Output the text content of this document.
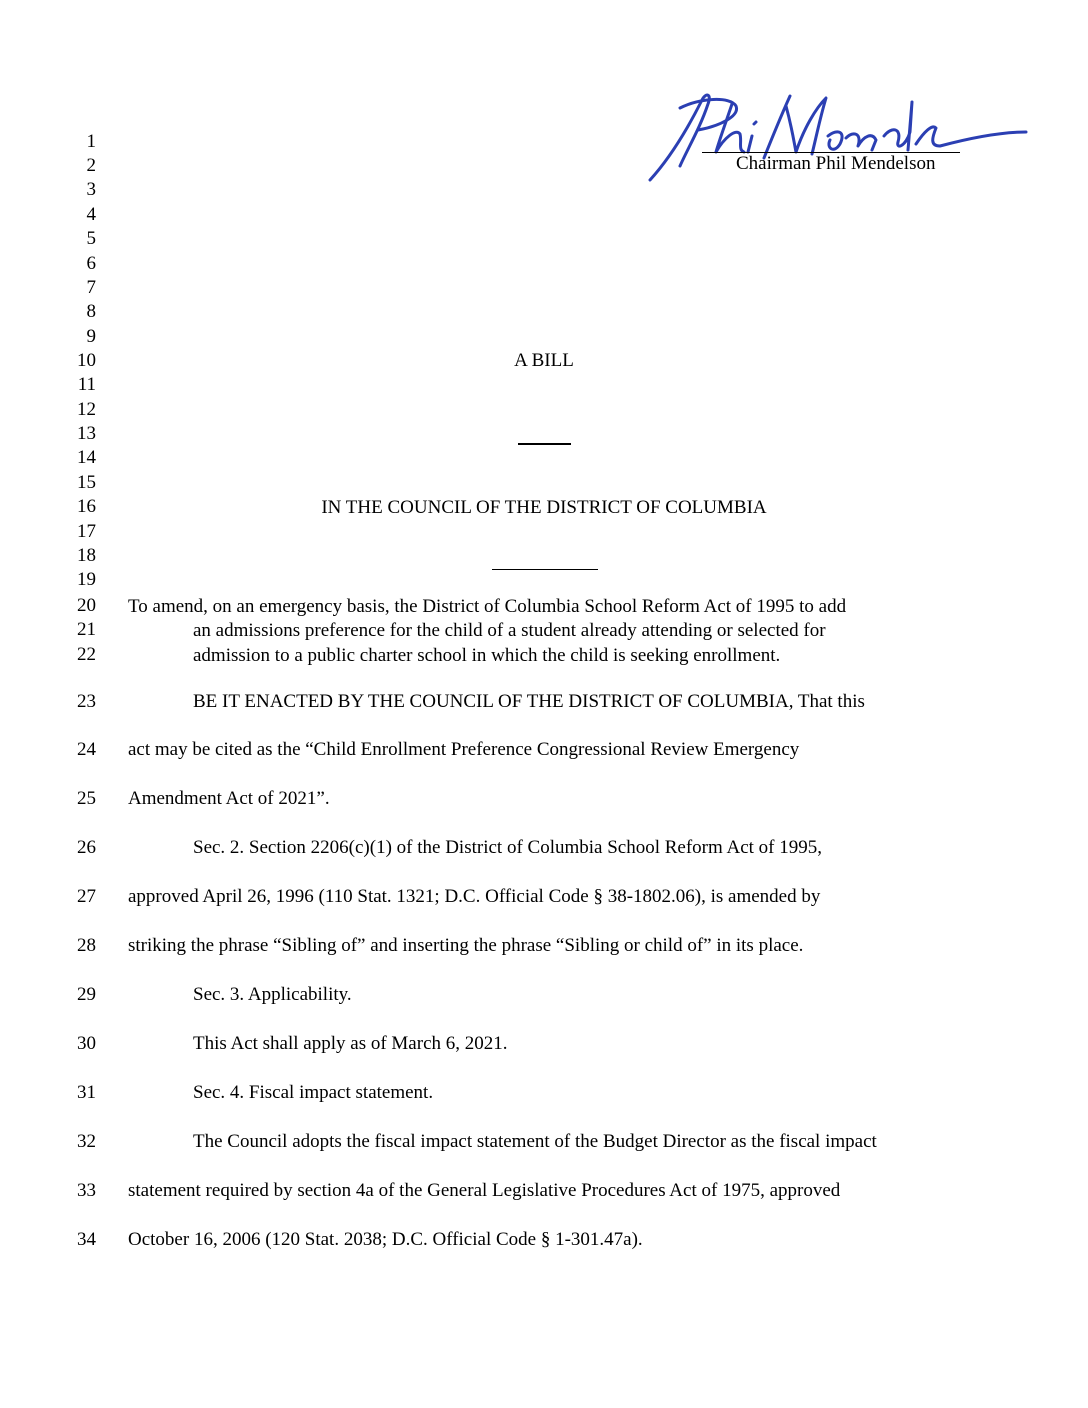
Chairman Phil Mendelson
1
2
3
4
5
6
7
8
9
10
11
12
13
14
15
16
17
18
19
20
21
22
23
24
25
26
27
28
29
30
31
32
33
34
A BILL
IN THE COUNCIL OF THE DISTRICT OF COLUMBIA
To amend, on an emergency basis, the District of Columbia School Reform Act of 1995 to add
an admissions preference for the child of a student already attending or selected for
admission to a public charter school in which the child is seeking enrollment.
BE IT ENACTED BY THE COUNCIL OF THE DISTRICT OF COLUMBIA, That this
act may be cited as the “Child Enrollment Preference Congressional Review Emergency
Amendment Act of 2021”.
Sec. 2. Section 2206(c)(1) of the District of Columbia School Reform Act of 1995,
approved April 26, 1996 (110 Stat. 1321; D.C. Official Code § 38-1802.06), is amended by
striking the phrase “Sibling of” and inserting the phrase “Sibling or child of” in its place.
Sec. 3. Applicability.
This Act shall apply as of March 6, 2021.
Sec. 4. Fiscal impact statement.
The Council adopts the fiscal impact statement of the Budget Director as the fiscal impact
statement required by section 4a of the General Legislative Procedures Act of 1975, approved
October 16, 2006 (120 Stat. 2038; D.C. Official Code § 1-301.47a).
